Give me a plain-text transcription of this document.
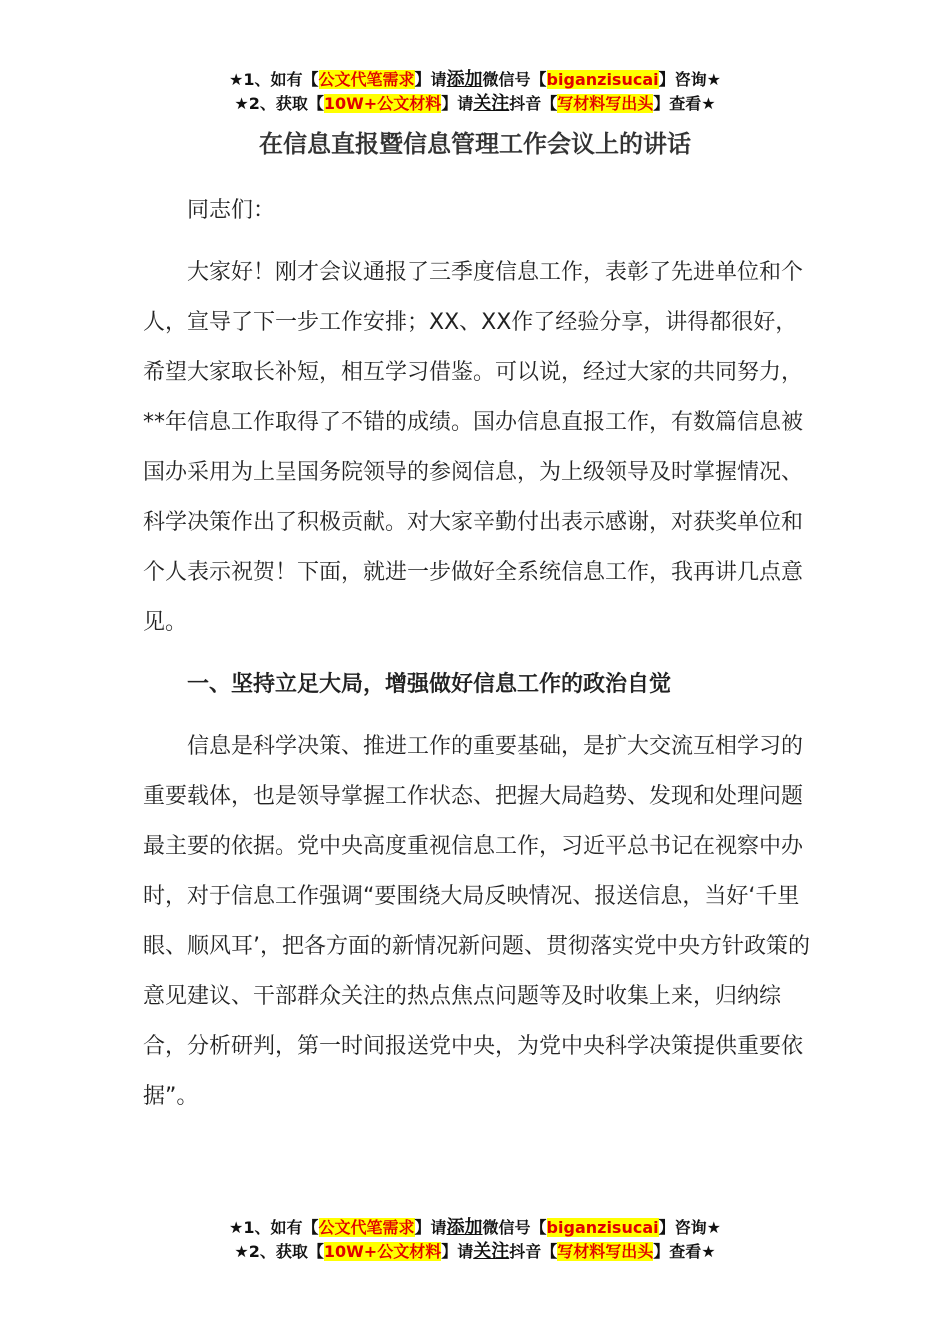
★1、如有【公文代笔需求】请添加微信号【biganzisucai】咨询★
★2、获取【10W+公文材料】请关注抖音【写材料写出头】查看★
在信息直报暨信息管理工作会议上的讲话

同志们：

大家好！刚才会议通报了三季度信息工作，表彰了先进单位和个人，宣导了下一步工作安排；XX、XX作了经验分享，讲得都很好，希望大家取长补短，相互学习借鉴。可以说，经过大家的共同努力，**年信息工作取得了不错的成绩。国办信息直报工作，有数篇信息被国办采用为上呈国务院领导的参阅信息，为上级领导及时掌握情况、科学决策作出了积极贡献。对大家辛勤付出表示感谢，对获奖单位和个人表示祝贺！下面，就进一步做好全系统信息工作，我再讲几点意见。

一、坚持立足大局，增强做好信息工作的政治自觉

信息是科学决策、推进工作的重要基础，是扩大交流互相学习的重要载体，也是领导掌握工作状态、把握大局趋势、发现和处理问题最主要的依据。党中央高度重视信息工作，习近平总书记在视察中办时，对于信息工作强调“要围绕大局反映情况、报送信息，当好‘千里眼、顺风耳’，把各方面的新情况新问题、贯彻落实党中央方针政策的意见建议、干部群众关注的热点焦点问题等及时收集上来，归纳综合，分析研判，第一时间报送党中央，为党中央科学决策提供重要依据”。

★1、如有【公文代笔需求】请添加微信号【biganzisucai】咨询★
★2、获取【10W+公文材料】请关注抖音【写材料写出头】查看★
